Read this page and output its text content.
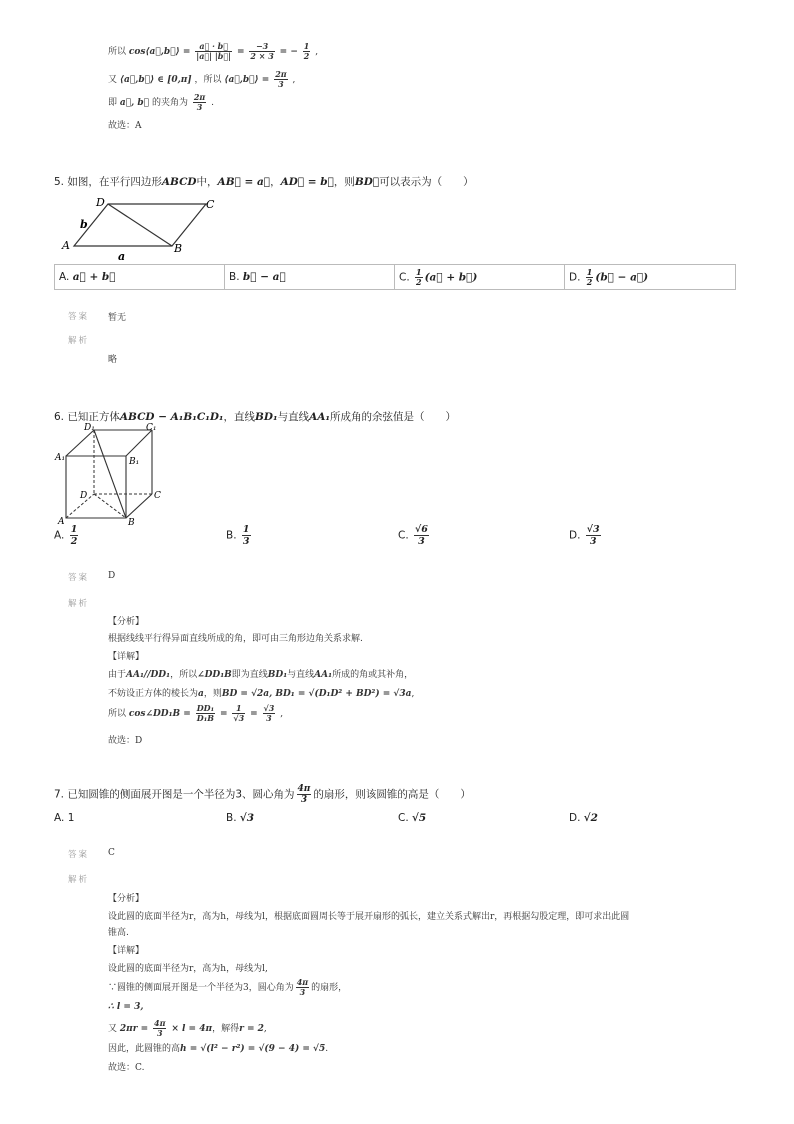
所以 cos⟨a⃗,b⃗⟩ = $\frac{a⃗ \cdot b⃗}{|a⃗| |b⃗|} = \frac{-3}{2 \times 3}$ = − $\frac{1}{2}$ ,
又 ⟨a⃗,b⃗⟩ ∈ [0,π] ，所以 ⟨a⃗,b⃗⟩ = $\frac{2\pi}{3}$ ,
即 a⃗, b⃗ 的夹角为 $\frac{2\pi}{3}$ .
故选：A
5. 如图，在平行四边形ABCD中，AB⃗ = a⃗，AD⃗ = b⃗，则BD⃗可以表示为（　　）
A	B
C
D
a
b
A. a⃗ + b⃗	B. b⃗ − a⃗	C. $\frac{1}{2}$ (a⃗ + b⃗)	D. $\frac{1}{2}$ (b⃗ − a⃗)
答案 暂无
解析
略
6. 已知正方体ABCD − A₁B₁C₁D₁，直线BD₁与直线AA₁所成角的余弦值是（　　）
D₁	C₁
A₁	B₁
D	C
A	B
A. $\frac{1}{2}$	B. $\frac{1}{3}$	C. $\frac{√6}{3}$	D. $\frac{√3}{3}$
答案 D
解析
【分析】
根据线线平行得异面直线所成的角，即可由三角形边角关系求解.
【详解】
由于AA₁//DD₁，所以∠DD₁B即为直线BD₁与直线AA₁所成的角或其补角，
不妨设正方体的棱长为a，则BD = √2a, BD₁ = √(D₁D² + BD²) = √3a,
所以 cos∠DD₁B = $\frac{\text{DD₁}}{\text{D₁B}} = \frac{1}{√3} = \frac{√3}{3}$ ,
故选：D
7. 已知圆锥的侧面展开图是一个半径为3、圆心角为 $\frac{4\pi}{3}$ 的扇形，则该圆锥的高是（　　）
A. 1	B. √3	C. √5	D. √2
答案 C
解析
【分析】
设此圆的底面半径为r，高为h，母线为l，根据底面圆周长等于展开扇形的弧长，建立关系式解出r，再根据勾股定理，即可求出此圆
锥高.
【详解】
设此圆的底面半径为r，高为h，母线为l,
∵圆锥的侧面展开图是一个半径为3，圆心角为 $\frac{4\pi}{3}$ 的扇形，
∴ l = 3,
又 $2\pi r = \frac{4\pi}{3} \times l = 4\pi$，解得r = 2,
因此，此圆锥的高h = √(l² − r²) = √(9 − 4) = √5.
故选：C.
